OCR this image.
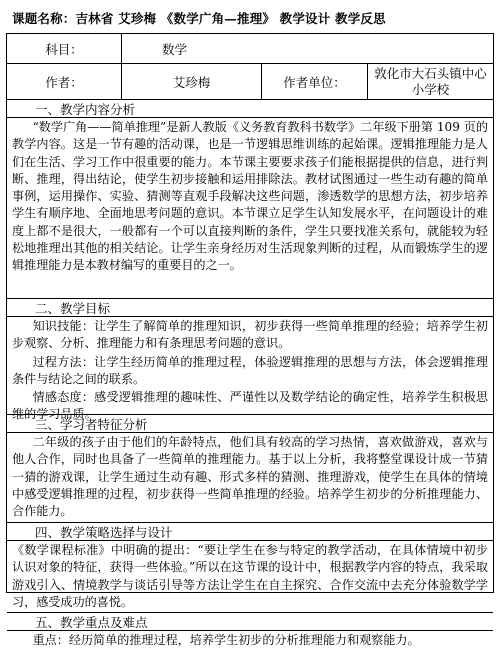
课题名称：吉林省 艾珍梅 《数学广角—推理》 教学设计 教学反思
科目：	数学
作者：	艾珍梅	作者单位：
敦化市大石头镇中心小学校
一、教学内容分析
“数学广角——简单推理”是新人教版《义务教育教科书数学》二年级下册第 109 页的教学内容。这是一节有趣的活动课，也是一节逻辑思维训练的起始课。逻辑推理能力是人们在生活、学习工作中很重要的能力。本节课主要要求孩子们能根据提供的信息，进行判断、推理，得出结论，使学生初步接触和运用排除法。教材试图通过一些生动有趣的简单事例，运用操作、实验、猜测等直观手段解决这些问题，渗透数学的思想方法，初步培养学生有顺序地、全面地思考问题的意识。本节课立足学生认知发展水平，在问题设计的难度上都不是很大，一般都有一个可以直接判断的条件，学生只要找准关系句，就能较为轻松地推理出其他的相关结论。让学生亲身经历对生活现象判断的过程，从而锻炼学生的逻辑推理能力是本教材编写的重要目的之一。
二、教学目标
知识技能：让学生了解简单的推理知识，初步获得一些简单推理的经验；培养学生初步观察、分析、推理能力和有条理思考问题的意识。
过程方法：让学生经历简单的推理过程，体验逻辑推理的思想与方法，体会逻辑推理条件与结论之间的联系。
情感态度：感受逻辑推理的趣味性、严谨性以及数学结论的确定性，培养学生积极思维的学习品质。
三、学习者特征分析
二年级的孩子由于他们的年龄特点，他们具有较高的学习热情，喜欢做游戏，喜欢与他人合作，同时也具备了一些简单的推理能力。基于以上分析，我将整堂课设计成一节猜一猜的游戏课，让学生通过生动有趣、形式多样的猜测、推理游戏，使学生在具体的情境中感受逻辑推理的过程，初步获得一些简单推理的经验。培养学生初步的分析推理能力、合作能力。
四、教学策略选择与设计
《数学课程标准》中明确的提出：“要让学生在参与特定的教学活动，在具体情境中初步认识对象的特征，获得一些体验。”所以在这节课的设计中，根据教学内容的特点，我采取游戏引入、情境教学与谈话引导等方法让学生在自主探究、合作交流中去充分体验数学学习，感受成功的喜悦。
五、教学重点及难点
重点：经历简单的推理过程，培养学生初步的分析推理能力和观察能力。
